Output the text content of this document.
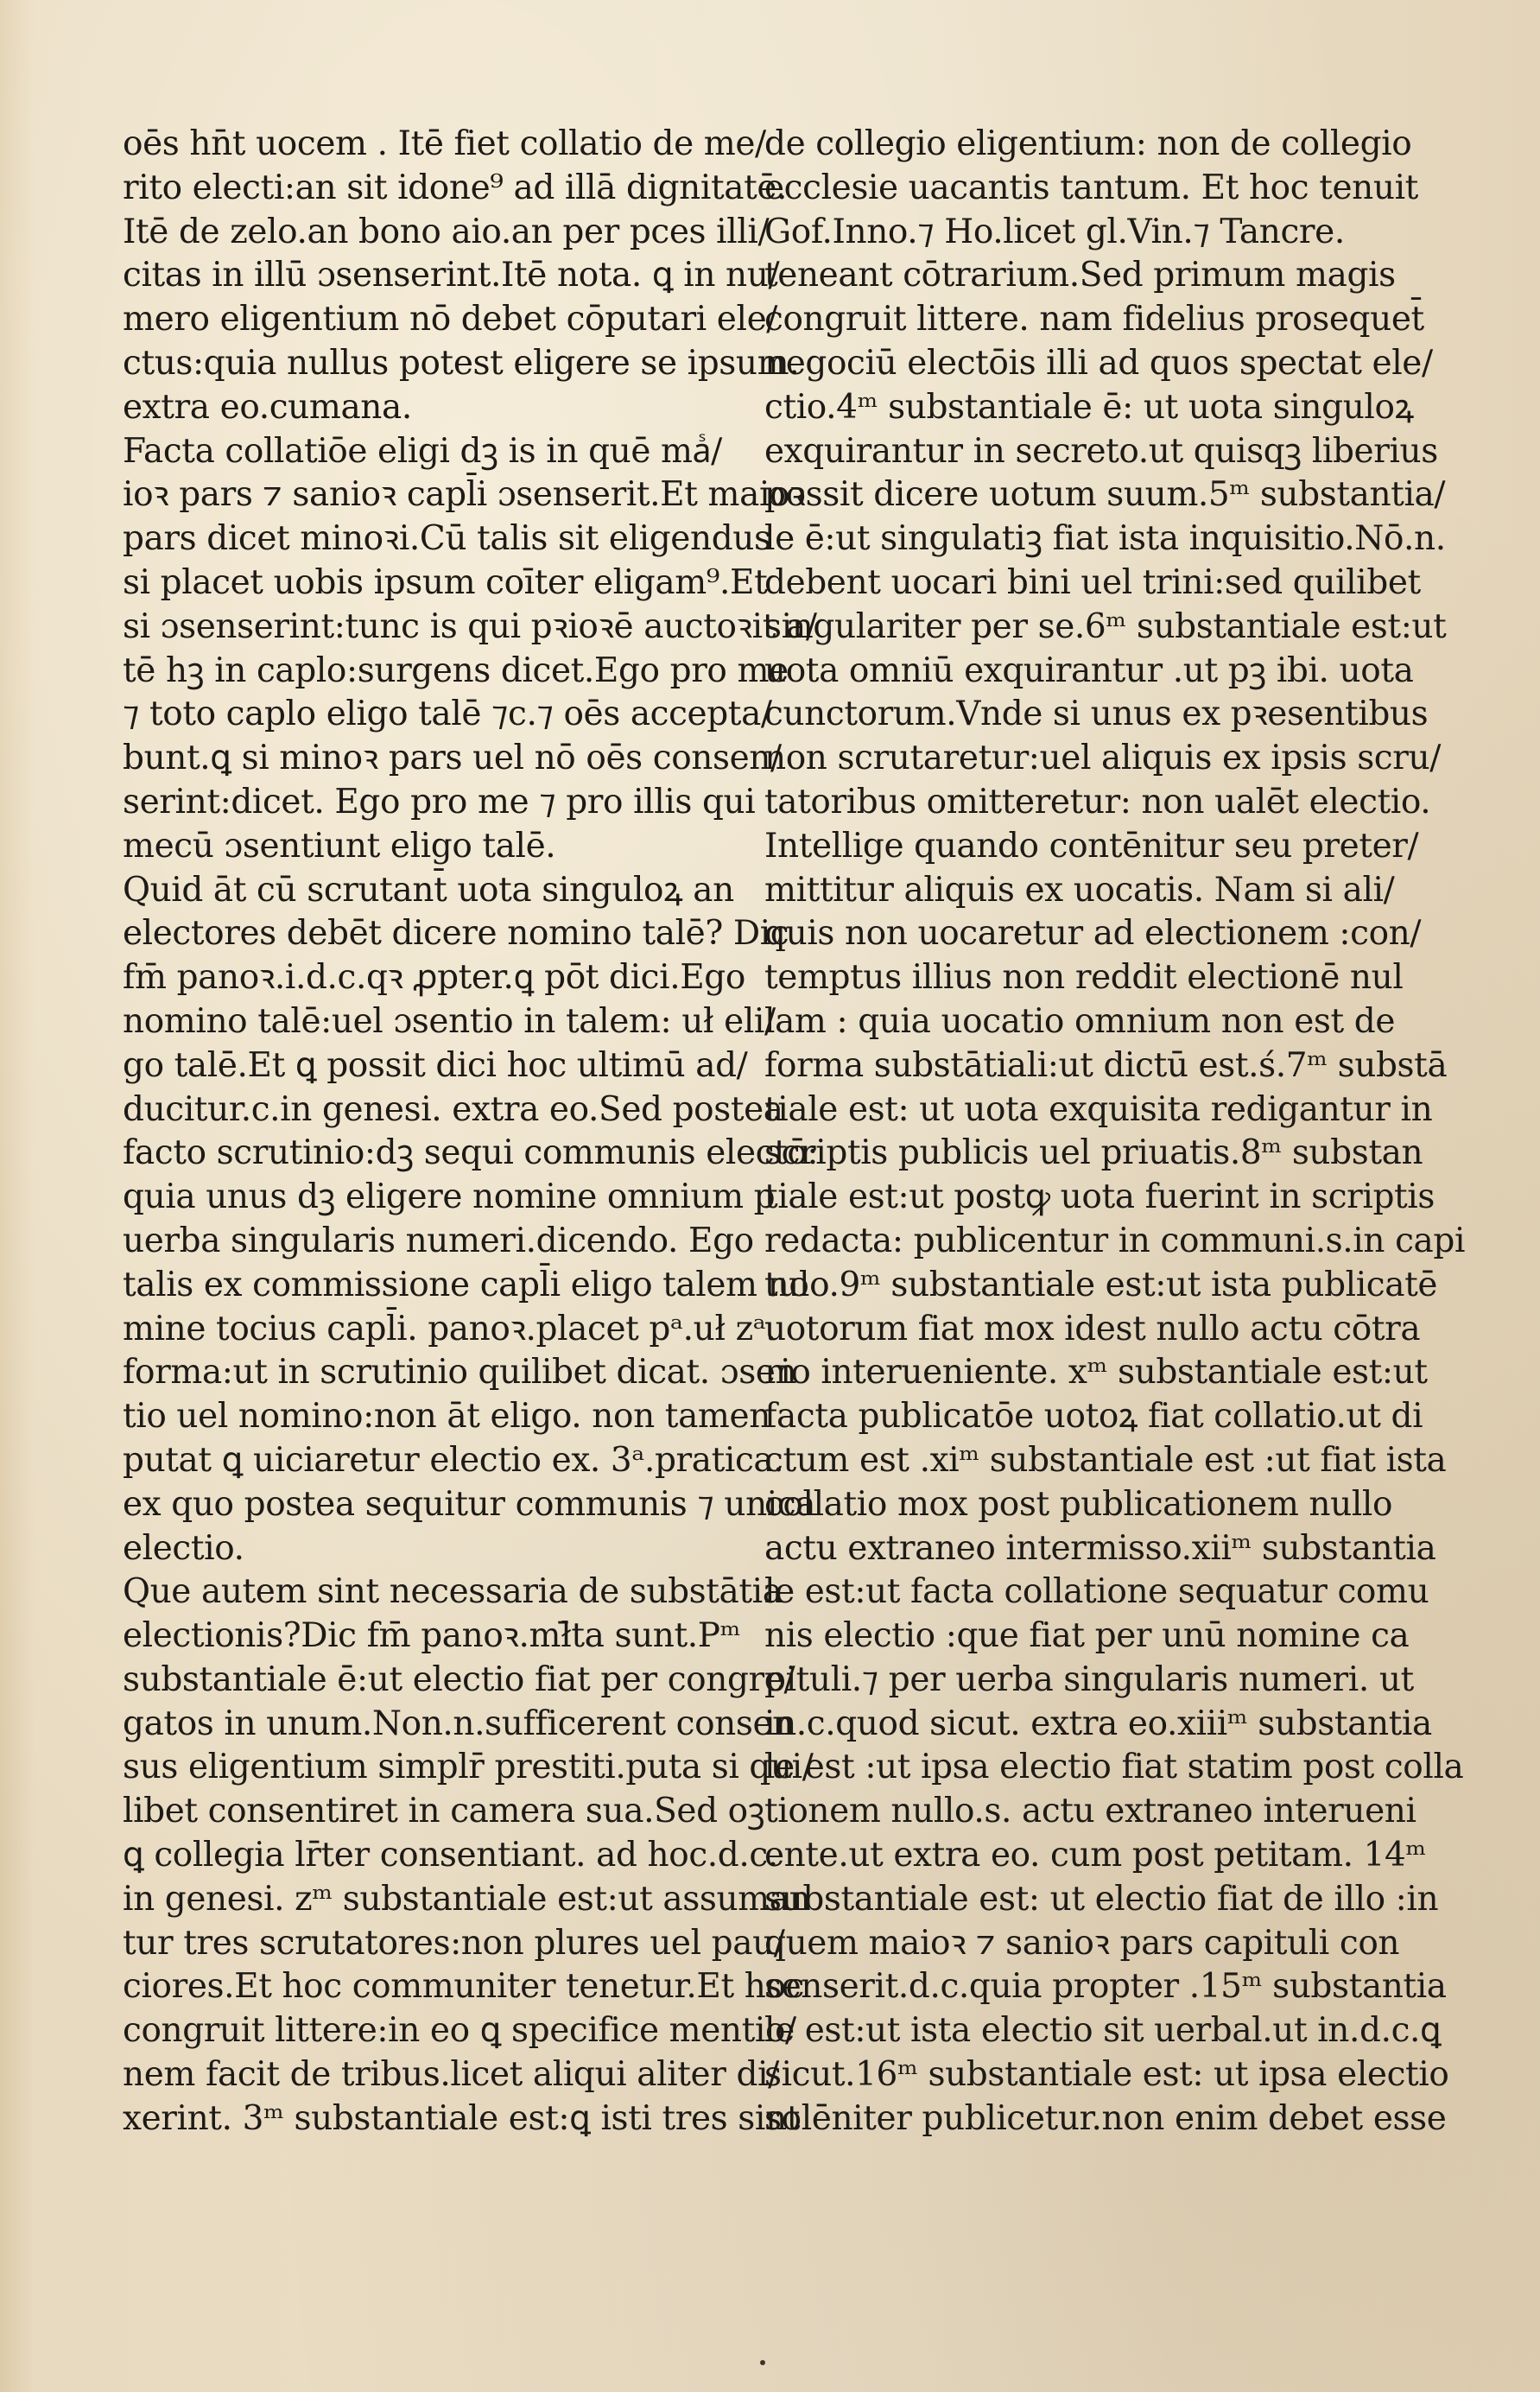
oēs hn̄t uocem . Itē fiet collatio de me/
rito electi:an sit idone⁹ ad illā dignitatē.
Itē de zelo.an bono aio.an per pces illi/
citas in illū ɔsenserint.Itē nota. ꝗ in nu/
mero eligentium nō debet cōputari ele/
ctus:quia nullus potest eligere se ipsum.
extra eo.cumana.
Facta collatiōe eligi dꝫ is in quē maᷤ/
ioꝛ pars ⁊ sanioꝛ capl̄i ɔsenserit.Et maioꝛ
pars dicet minoꝛi.Cū talis sit eligendus
si placet uobis ipsum coīter eligam⁹.Et
si ɔsenserint:tunc is qui pꝛioꝛē auctoꝛit a/
tē hꝫ in caplo:surgens dicet.Ego pro me
⁊ toto caplo eligo talē ⁊c.⁊ oēs accepta/
bunt.ꝗ si minoꝛ pars uel nō oēs consen/
serint:dicet. Ego pro me ⁊ pro illis qui
mecū ɔsentiunt eligo talē.
Quid āt cū scrutant̄ uota singuloꝝ an
electores debēt dicere nomino talē? Dic
fm̄ panoꝛ.i.d.c.qꝛ ꝓpter.ꝗ pōt dici.Ego
nomino talē:uel ɔsentio in talem: uł eli/
go talē.Et ꝗ possit dici hoc ultimū ad/
ducitur.c.in genesi. extra eo.Sed postea
facto scrutinio:dꝫ sequi communis electō:
quia unus dꝫ eligere nomine omnium p
uerba singularis numeri.dicendo. Ego
talis ex commissione capl̄i eligo talem no
mine tocius capl̄i. panoꝛ.placet pᵃ.uł zᵃ.
forma:ut in scrutinio quilibet dicat. ɔsen
tio uel nomino:non āt eligo. non tamen
putat ꝗ uiciaretur electio ex. 3ᵃ.pratica.
ex quo postea sequitur communis ⁊ unica
electio.
Que autem sint necessaria de substātia
electionis?Dic fm̄ panoꝛ.mł̄ta sunt.Pᵐ
substantiale ē:ut electio fiat per congre/
gatos in unum.Non.n.sufficerent consen
sus eligentium simplr̄ prestiti.puta si qui/
libet consentiret in camera sua.Sed oꝫ
ꝗ collegia lr̄ter consentiant. ad hoc.d.c.
in genesi. zᵐ substantiale est:ut assuman
tur tres scrutatores:non plures uel pau/
ciores.Et hoc communiter tenetur.Et hoc
congruit littere:in eo ꝗ specifice mentio/
nem facit de tribus.licet aliqui aliter di/
xerint. 3ᵐ substantiale est:ꝗ isti tres sint
de collegio eligentium: non de collegio
ecclesie uacantis tantum. Et hoc tenuit
Gof.Inno.⁊ Ho.licet gl.Vin.⁊ Tancre.
teneant cōtrarium.Sed primum magis
congruit littere. nam fidelius prosequet̄
negociū electōis illi ad quos spectat ele/
ctio.4ᵐ substantiale ē: ut uota singuloꝝ
exquirantur in secreto.ut quisqꝫ liberius
possit dicere uotum suum.5ᵐ substantia/
le ē:ut singulatiꝫ fiat ista inquisitio.Nō.n.
debent uocari bini uel trini:sed quilibet
singulariter per se.6ᵐ substantiale est:ut
uota omniū exquirantur .ut pꝫ ibi. uota
cunctorum.Vnde si unus ex pꝛesentibus
non scrutaretur:uel aliquis ex ipsis scru/
tatoribus omitteretur: non ualēt electio.
Intellige quando contēnitur seu preter/
mittitur aliquis ex uocatis. Nam si ali/
quis non uocaretur ad electionem :con/
temptus illius non reddit electionē nul
lam : quia uocatio omnium non est de
forma substātiali:ut dictū est.ś.7ᵐ substā
tiale est: ut uota exquisita redigantur in
scriptis publicis uel priuatis.8ᵐ substan
tiale est:ut postꝙ uota fuerint in scriptis
redacta: publicentur in communi.s.in capi
tulo.9ᵐ substantiale est:ut ista publicatē
uotorum fiat mox idest nullo actu cōtra
rio interueniente. xᵐ substantiale est:ut
facta publicatōe uotoꝝ fiat collatio.ut di
ctum est .xiᵐ substantiale est :ut fiat ista
collatio mox post publicationem nullo
actu extraneo intermisso.xiiᵐ substantia
le est:ut facta collatione sequatur comu
nis electio :que fiat per unū nomine ca
pituli.⁊ per uerba singularis numeri. ut
in.c.quod sicut. extra eo.xiiiᵐ substantia
le est :ut ipsa electio fiat statim post colla
tionem nullo.s. actu extraneo interueni
ente.ut extra eo. cum post petitam. 14ᵐ
substantiale est: ut electio fiat de illo :in
quem maioꝛ ⁊ sanioꝛ pars capituli con
senserit.d.c.quia propter .15ᵐ substantia
le est:ut ista electio sit uerbal.ut in.d.c.ꝗ
sicut.16ᵐ substantiale est: ut ipsa electio
solēniter publicetur.non enim debet esse
